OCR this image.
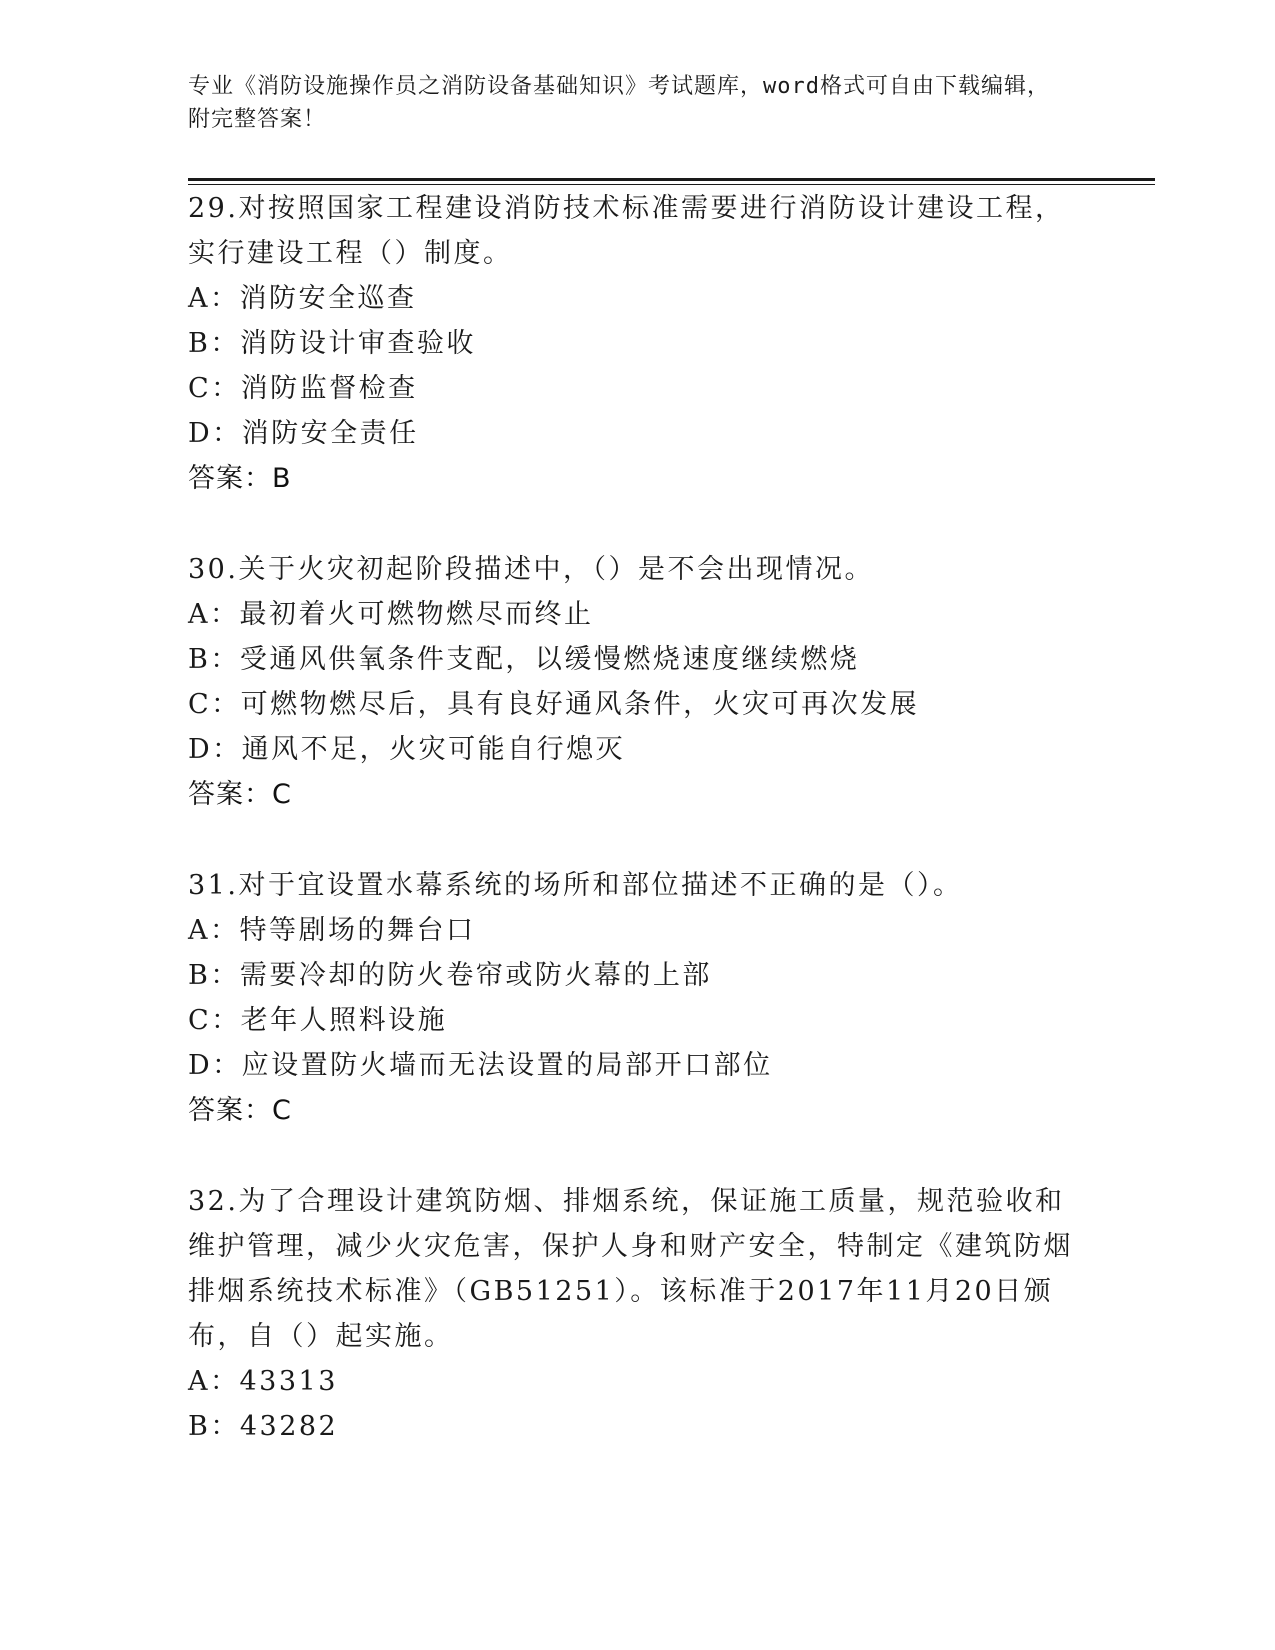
专业《消防设施操作员之消防设备基础知识》考试题库，word格式可自由下载编辑，附完整答案！
29.对按照国家工程建设消防技术标准需要进行消防设计建设工程，实行建设工程（）制度。
A：消防安全巡查
B：消防设计审查验收
C：消防监督检查
D：消防安全责任
答案：B
30.关于火灾初起阶段描述中，（）是不会出现情况。
A：最初着火可燃物燃尽而终止
B：受通风供氧条件支配，以缓慢燃烧速度继续燃烧
C：可燃物燃尽后，具有良好通风条件，火灾可再次发展
D：通风不足，火灾可能自行熄灭
答案：C
31.对于宜设置水幕系统的场所和部位描述不正确的是（）。
A：特等剧场的舞台口
B：需要冷却的防火卷帘或防火幕的上部
C：老年人照料设施
D：应设置防火墙而无法设置的局部开口部位
答案：C
32.为了合理设计建筑防烟、排烟系统，保证施工质量，规范验收和维护管理，减少火灾危害，保护人身和财产安全，特制定《建筑防烟排烟系统技术标准》（GB51251）。该标准于2017年11月20日颁布，自（）起实施。
A：43313
B：43282
